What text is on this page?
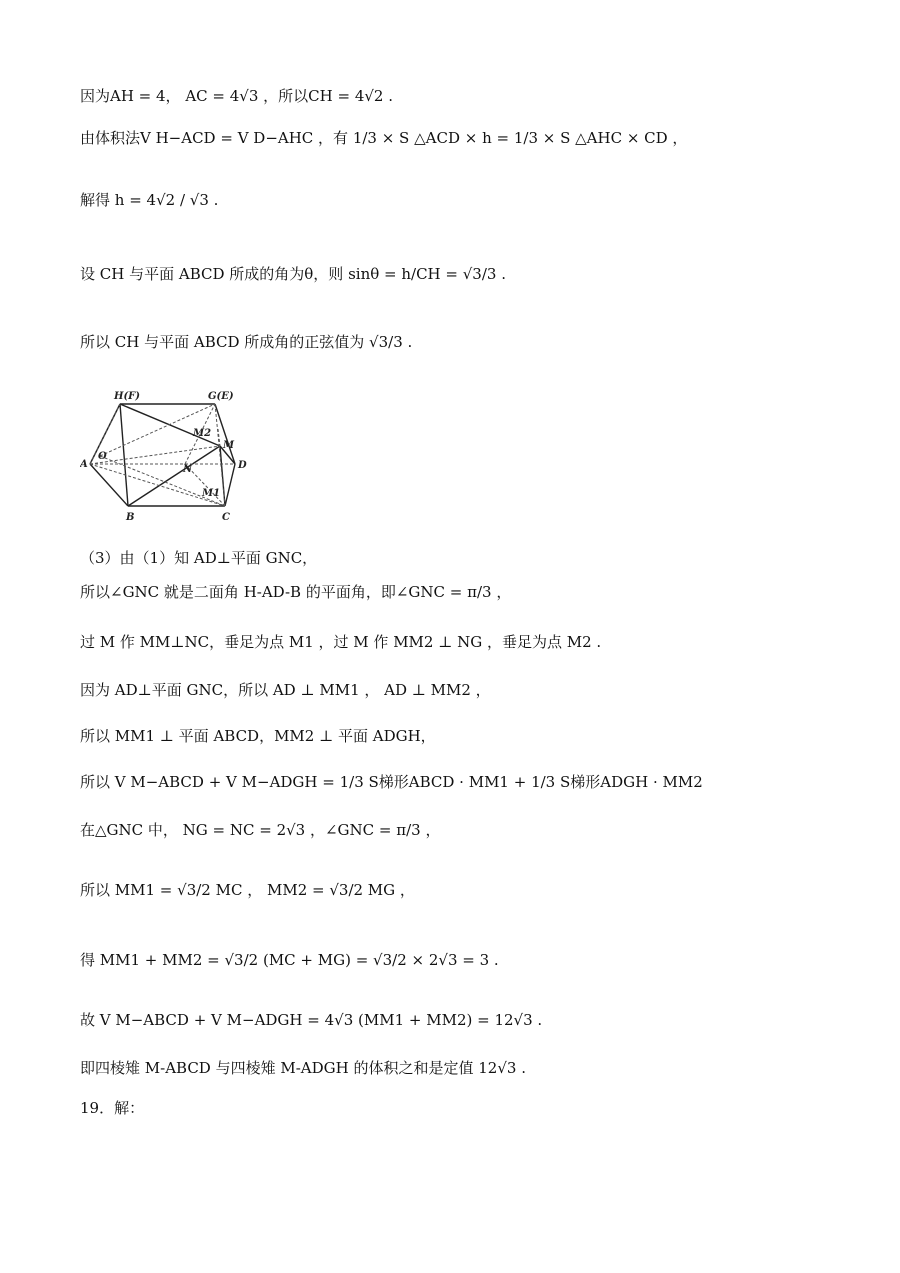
因为AH = 4， AC = 4√3 ，所以CH = 4√2 .
由体积法V H−ACD = V D−AHC ，有 1/3 × S △ACD × h = 1/3 × S △AHC × CD ，
解得 h = 4√2 / √3 .
设 CH 与平面 ABCD 所成的角为θ，则 sinθ = h/CH = √3/3 .
所以 CH 与平面 ABCD 所成角的正弦值为 √3/3 .
H(F)	G(E)
A
O
N
M
M2
M1
D
B	C
（3）由（1）知 AD⊥平面 GNC，
所以∠GNC 就是二面角 H-AD-B 的平面角，即∠GNC = π/3 ，
过 M 作 MM⊥NC，垂足为点 M1 ，过 M 作 MM2 ⊥ NG ，垂足为点 M2 .
因为 AD⊥平面 GNC，所以 AD ⊥ MM1 ， AD ⊥ MM2 ，
所以 MM1 ⊥ 平面 ABCD，MM2 ⊥ 平面 ADGH，
所以 V M−ABCD + V M−ADGH = 1/3 S梯形ABCD · MM1 + 1/3 S梯形ADGH · MM2
在△GNC 中， NG = NC = 2√3 ，∠GNC = π/3 ，
所以 MM1 = √3/2 MC ， MM2 = √3/2 MG ，
得 MM1 + MM2 = √3/2 (MC + MG) = √3/2 × 2√3 = 3 .
故 V M−ABCD + V M−ADGH = 4√3 (MM1 + MM2) = 12√3 .
即四棱雉 M-ABCD 与四棱雉 M-ADGH 的体积之和是定值 12√3 .
19．解：
